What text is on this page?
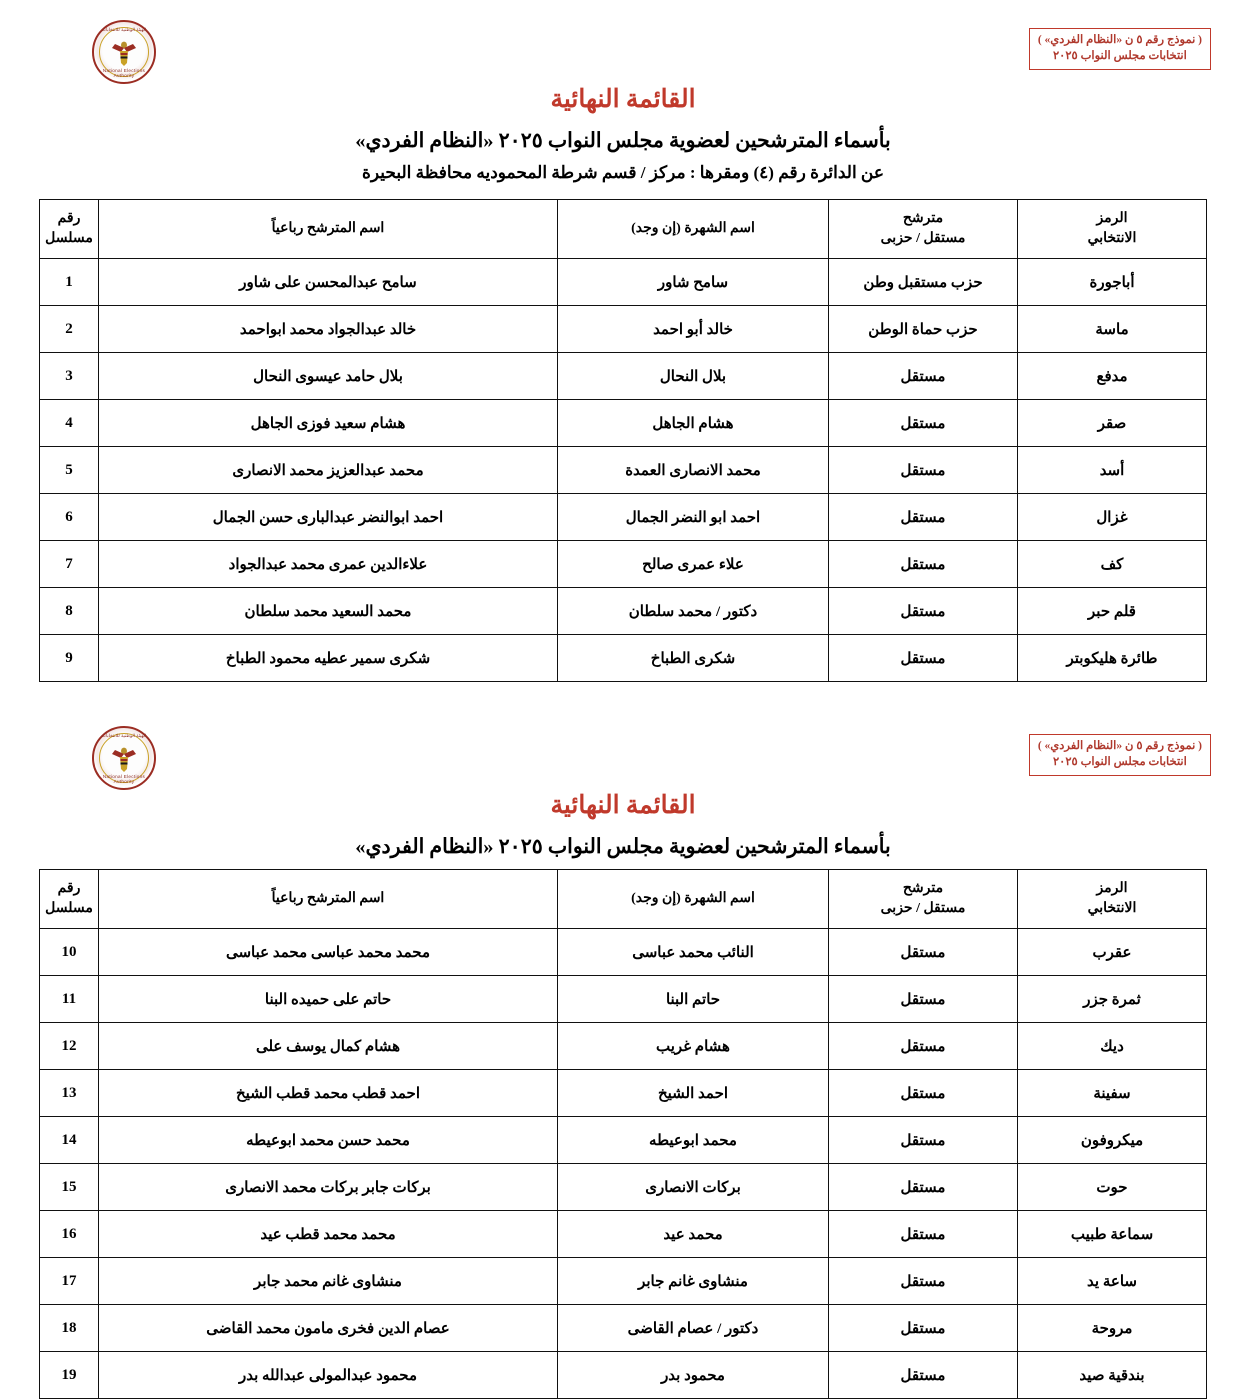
( نموذج رقم ٥ ن «النظام الفردي» )
انتخابات مجلس النواب ٢٠٢٥
الهيئة الوطنية للانتخابات
National Elections Authority
القائمة النهائية
بأسماء المترشحين لعضوية مجلس النواب ٢٠٢٥ «النظام الفردي»
عن الدائرة رقم (٤) ومقرها : مركز / قسم شرطة المحموديه محافظة البحيرة
الرمز
الانتخابي

مترشح
مستقل / حزبى
	اسم الشهرة (إن وجد)	اسم المترشح رباعياً	
رقم
مسلسل

أباجورة	حزب مستقبل وطن	سامح شاور	سامح عبدالمحسن على شاور	1
ماسة	حزب حماة الوطن	خالد أبو احمد	خالد عبدالجواد محمد ابواحمد	2
مدفع	مستقل	بلال النحال	بلال حامد عيسوى النحال	3
صقر	مستقل	هشام الجاهل	هشام سعيد فوزى الجاهل	4
أسد	مستقل	محمد الانصارى العمدة	محمد عبدالعزيز محمد الانصارى	5
غزال	مستقل	احمد ابو النضر الجمال	احمد ابوالنضر عبدالبارى حسن الجمال	6
كف	مستقل	علاء عمرى صالح	علاءالدين عمرى محمد عبدالجواد	7
قلم حبر	مستقل	دكتور / محمد سلطان	محمد السعيد محمد سلطان	8
طائرة هليكوبتر	مستقل	شكرى الطباخ	شكرى سمير عطيه محمود الطباخ	9
( نموذج رقم ٥ ن «النظام الفردي» )
انتخابات مجلس النواب ٢٠٢٥
الهيئة الوطنية للانتخابات
National Elections Authority
القائمة النهائية
بأسماء المترشحين لعضوية مجلس النواب ٢٠٢٥ «النظام الفردي»
الرمز
الانتخابي

مترشح
مستقل / حزبى
	اسم الشهرة (إن وجد)	اسم المترشح رباعياً	
رقم
مسلسل

عقرب	مستقل	النائب محمد عباسى	محمد محمد عباسى محمد عباسى	10
ثمرة جزر	مستقل	حاتم البنا	حاتم على حميده البنا	11
ديك	مستقل	هشام غريب	هشام كمال يوسف على	12
سفينة	مستقل	احمد الشيخ	احمد قطب محمد قطب الشيخ	13
ميكروفون	مستقل	محمد ابوعيطه	محمد حسن محمد ابوعيطه	14
حوت	مستقل	بركات الانصارى	بركات جابر بركات محمد الانصارى	15
سماعة طبيب	مستقل	محمد عيد	محمد محمد قطب عيد	16
ساعة يد	مستقل	منشاوى غانم جابر	منشاوى غانم محمد جابر	17
مروحة	مستقل	دكتور / عصام القاضى	عصام الدين فخرى مامون محمد القاضى	18
بندقية صيد	مستقل	محمود بدر	محمود عبدالمولى عبدالله بدر	19
